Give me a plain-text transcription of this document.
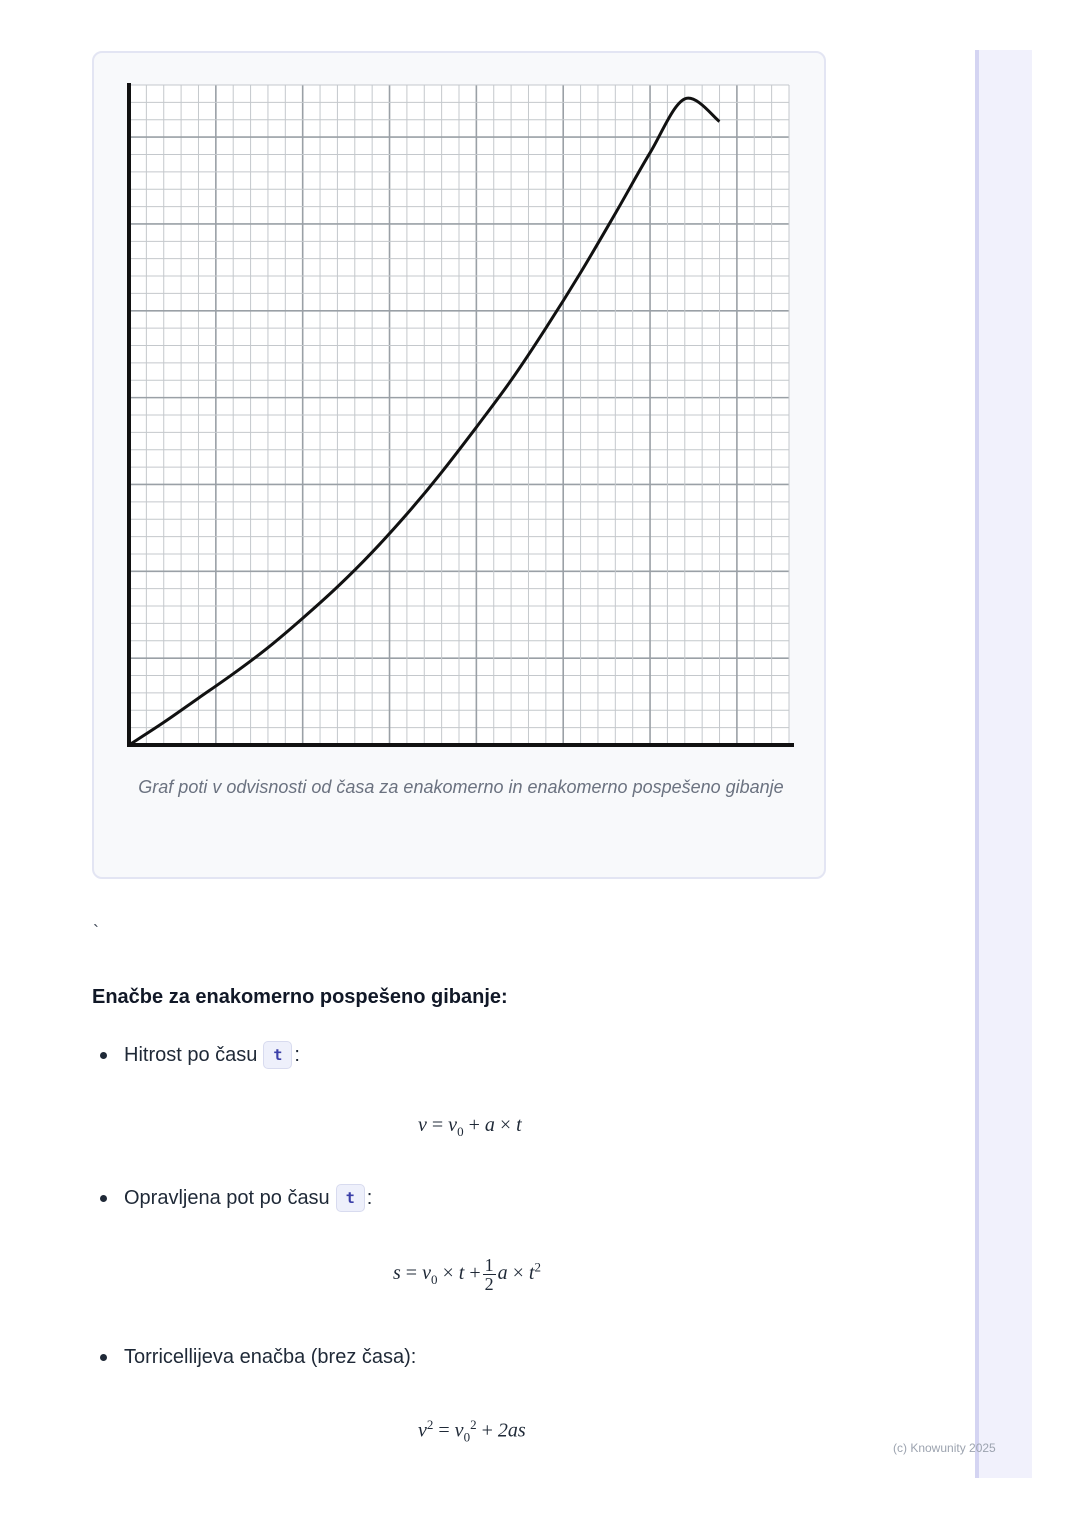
Graf poti v odvisnosti od časa za enakomerno in enakomerno pospešeno gibanje
`
Enačbe za enakomerno pospešeno gibanje:
Hitrost po času	t :
$v = v_0 + a \times t$
Opravljena pot po času	t :
$s = v_0 \times t + \frac{1}{2}$ $a \times t^2$
Torricellijeva enačba (brez časa):
$v^2 = v_0^2 + 2as$
(c) Knowunity 2025
